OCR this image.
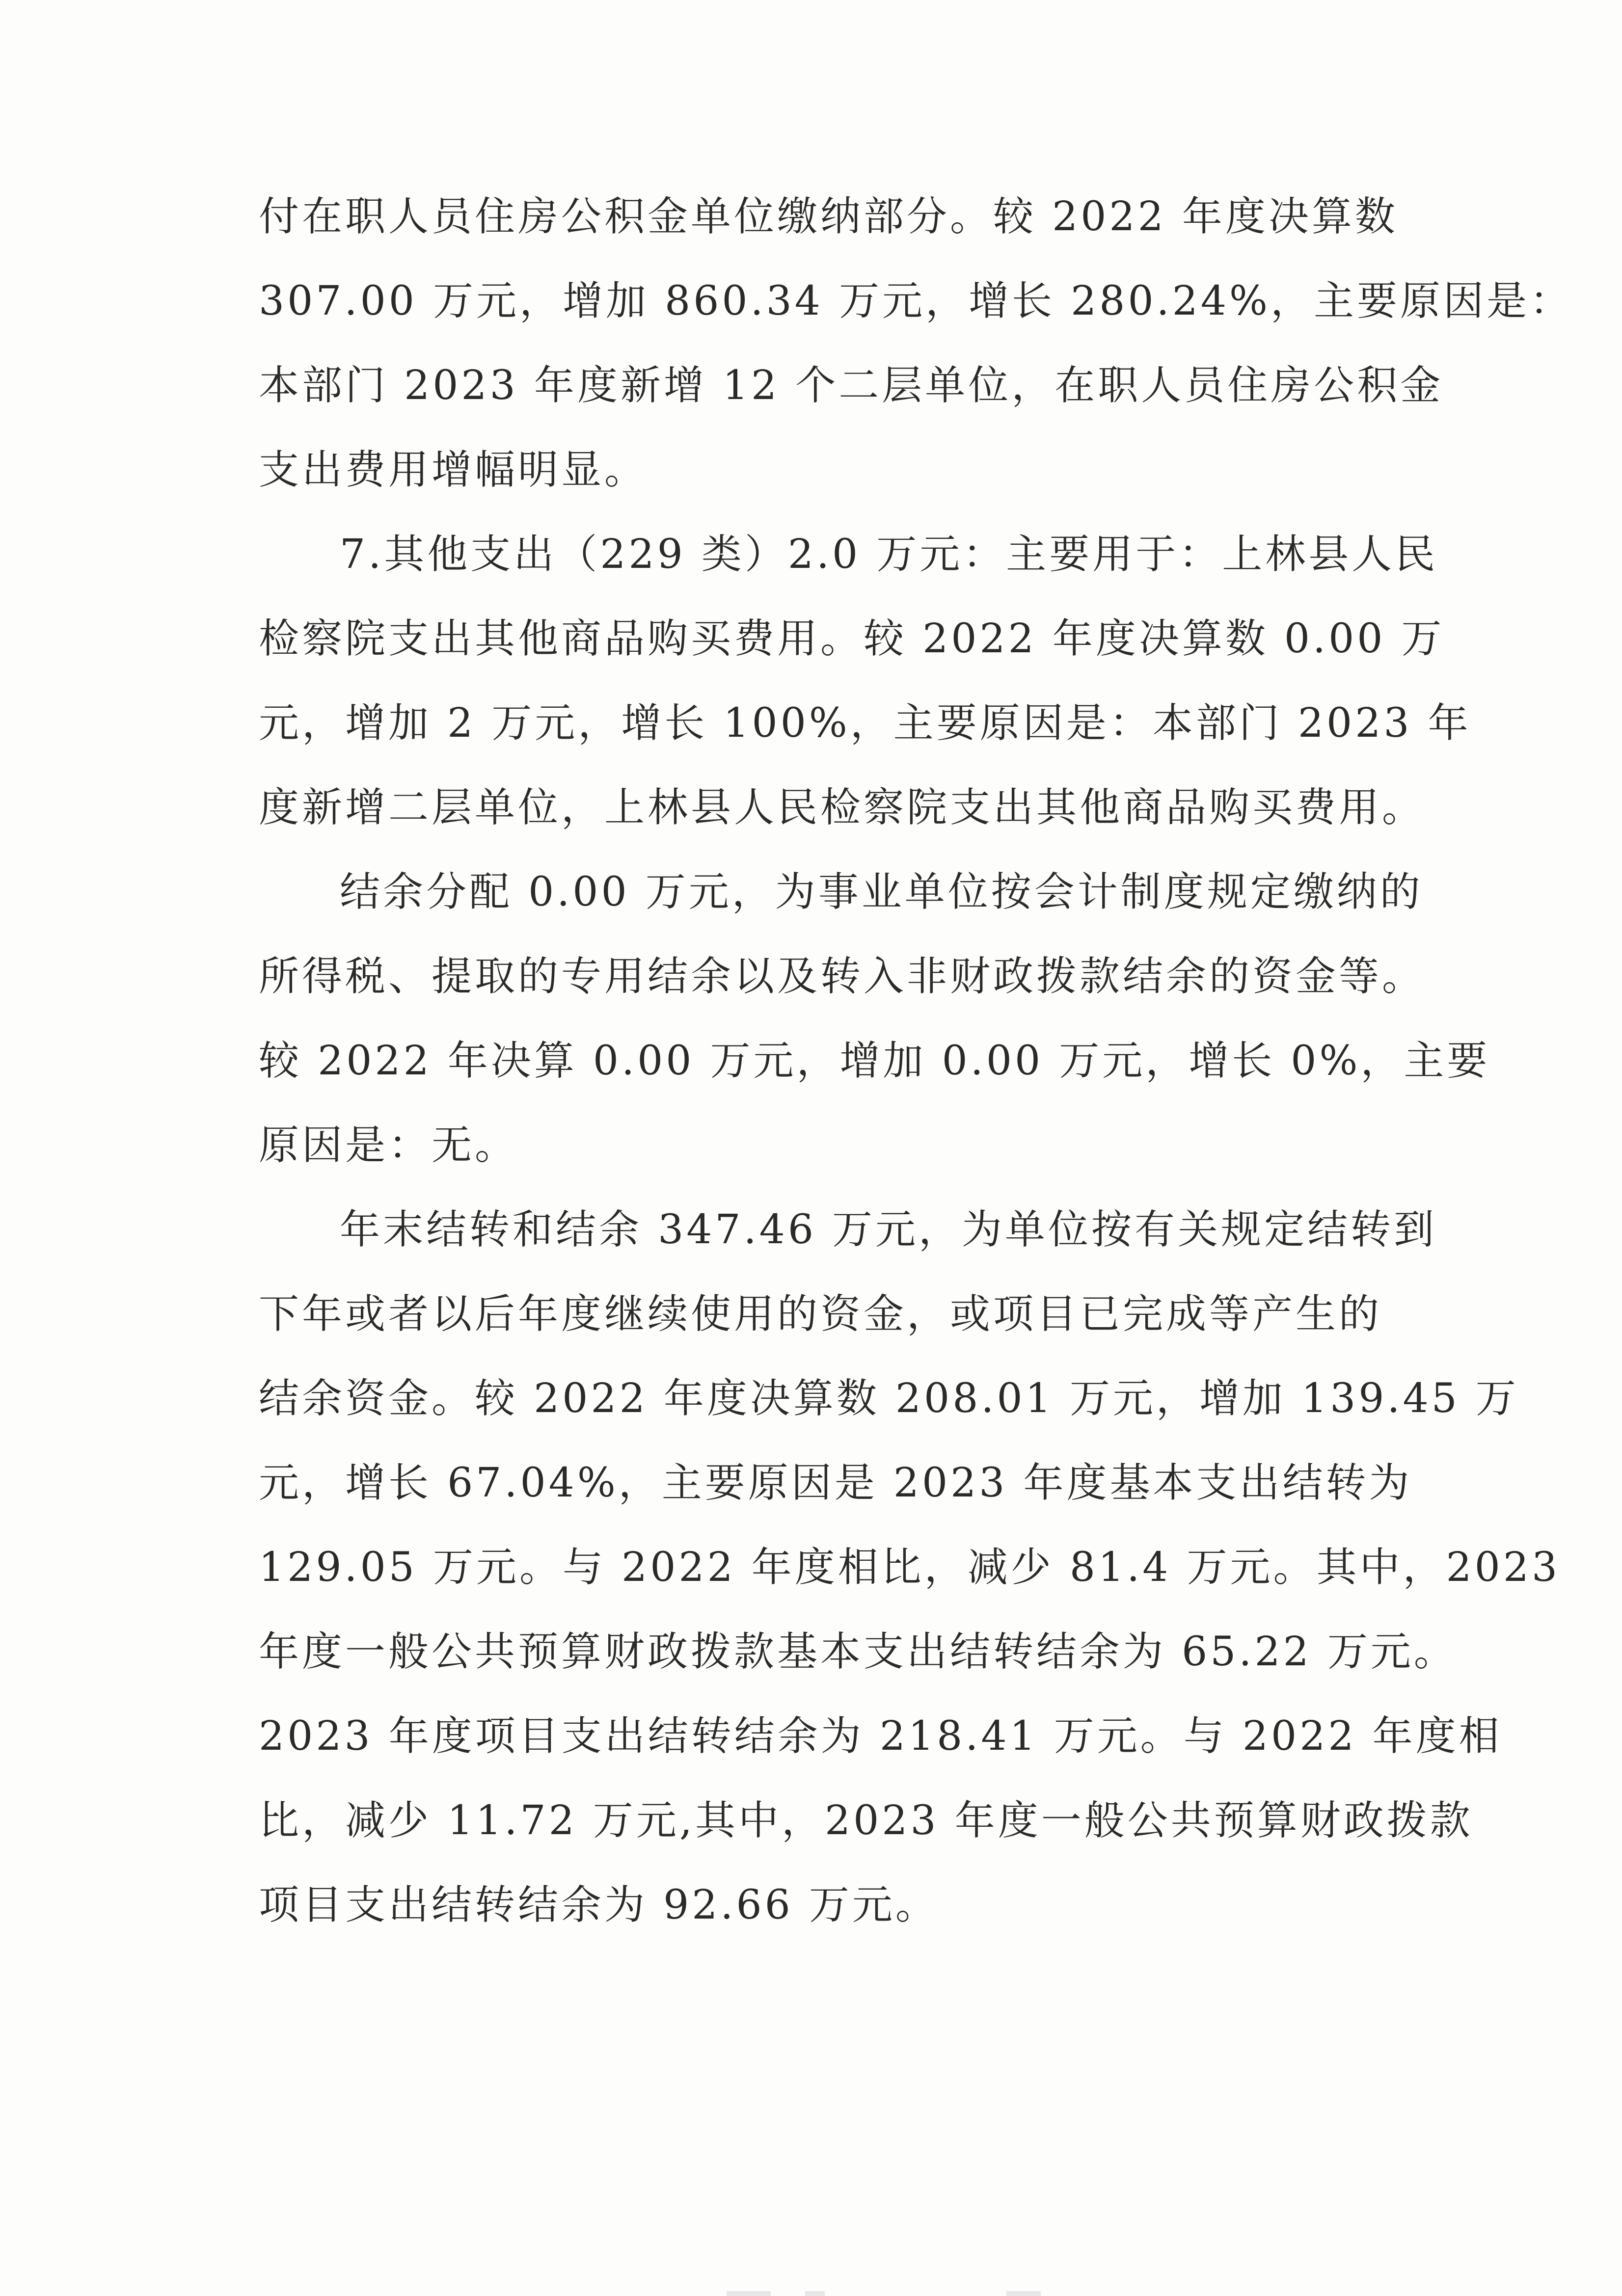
付在职人员住房公积金单位缴纳部分。较 2022 年度决算数
307.00 万元，增加 860.34 万元，增长 280.24%，主要原因是：
本部门 2023 年度新增 12 个二层单位，在职人员住房公积金
支出费用增幅明显。
7.其他支出（229 类）2.0 万元：主要用于：上林县人民
检察院支出其他商品购买费用。较 2022 年度决算数 0.00 万
元，增加 2 万元，增长 100%，主要原因是：本部门 2023 年
度新增二层单位，上林县人民检察院支出其他商品购买费用。
结余分配 0.00 万元，为事业单位按会计制度规定缴纳的
所得税、提取的专用结余以及转入非财政拨款结余的资金等。
较 2022 年决算 0.00 万元，增加 0.00 万元，增长 0%，主要
原因是：无。
年末结转和结余 347.46 万元，为单位按有关规定结转到
下年或者以后年度继续使用的资金，或项目已完成等产生的
结余资金。较 2022 年度决算数 208.01 万元，增加 139.45 万
元，增长 67.04%，主要原因是 2023 年度基本支出结转为
129.05 万元。与 2022 年度相比，减少 81.4 万元。其中，2023
年度一般公共预算财政拨款基本支出结转结余为 65.22 万元。
2023 年度项目支出结转结余为 218.41 万元。与 2022 年度相
比，减少 11.72 万元,其中，2023 年度一般公共预算财政拨款
项目支出结转结余为 92.66 万元。
